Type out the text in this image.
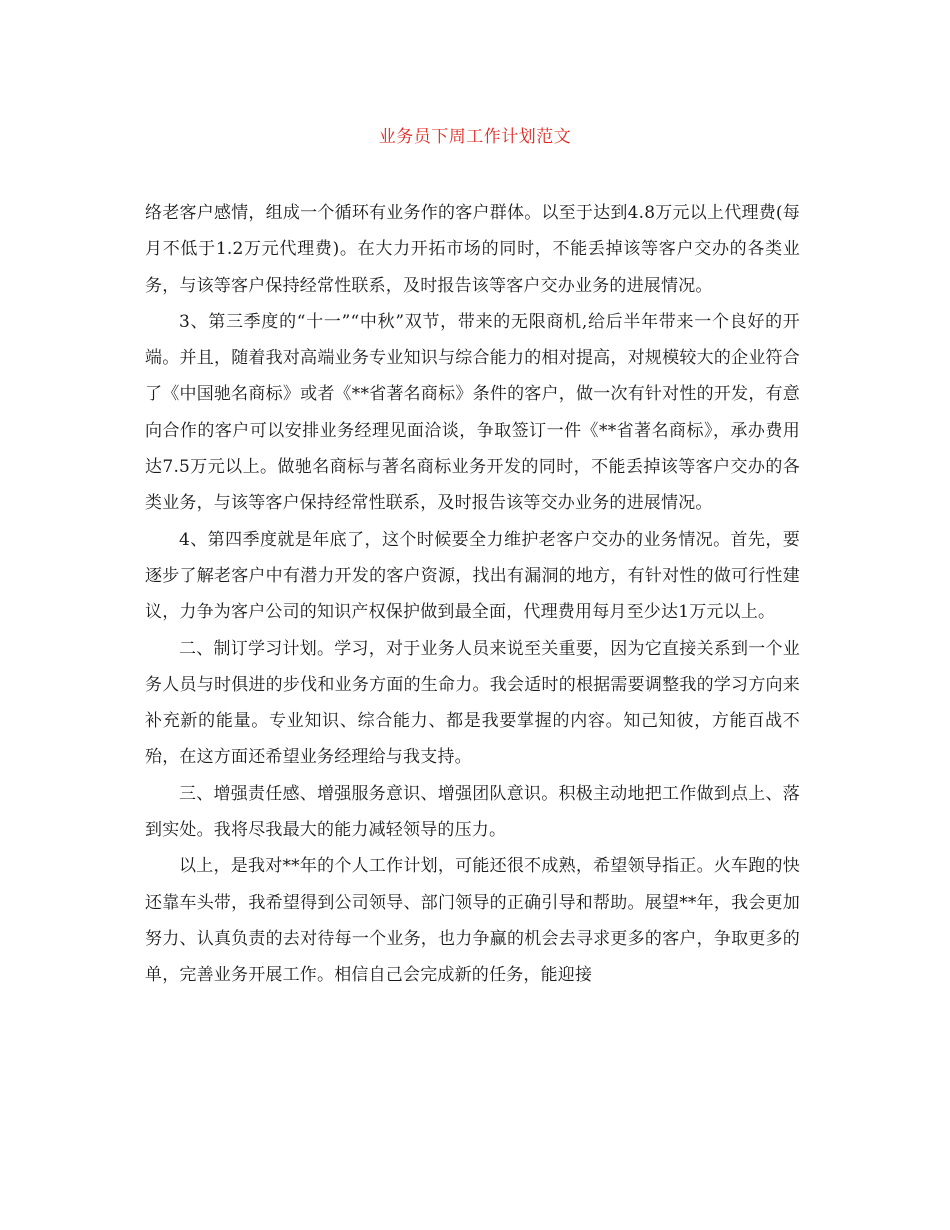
业务员下周工作计划范文

络老客户感情，组成一个循环有业务作的客户群体。以至于达到4.8万元以上代理费(每月不低于1.2万元代理费)。在大力开拓市场的同时，不能丢掉该等客户交办的各类业务，与该等客户保持经常性联系，及时报告该等客户交办业务的进展情况。

3、第三季度的“十一”“中秋”双节，带来的无限商机,给后半年带来一个良好的开端。并且，随着我对高端业务专业知识与综合能力的相对提高，对规模较大的企业符合了《中国驰名商标》或者《**省著名商标》条件的客户，做一次有针对性的开发，有意向合作的客户可以安排业务经理见面洽谈，争取签订一件《**省著名商标》，承办费用达7.5万元以上。做驰名商标与著名商标业务开发的同时，不能丢掉该等客户交办的各类业务，与该等客户保持经常性联系，及时报告该等交办业务的进展情况。

4、第四季度就是年底了，这个时候要全力维护老客户交办的业务情况。首先，要逐步了解老客户中有潜力开发的客户资源，找出有漏洞的地方，有针对性的做可行性建议，力争为客户公司的知识产权保护做到最全面，代理费用每月至少达1万元以上。

二、制订学习计划。学习，对于业务人员来说至关重要，因为它直接关系到一个业务人员与时俱进的步伐和业务方面的生命力。我会适时的根据需要调整我的学习方向来补充新的能量。专业知识、综合能力、都是我要掌握的内容。知己知彼，方能百战不殆，在这方面还希望业务经理给与我支持。

三、增强责任感、增强服务意识、增强团队意识。积极主动地把工作做到点上、落到实处。我将尽我最大的能力减轻领导的压力。

以上，是我对**年的个人工作计划，可能还很不成熟，希望领导指正。火车跑的快还靠车头带，我希望得到公司领导、部门领导的正确引导和帮助。展望**年，我会更加努力、认真负责的去对待每一个业务，也力争赢的机会去寻求更多的客户，争取更多的单，完善业务开展工作。相信自己会完成新的任务，能迎接
